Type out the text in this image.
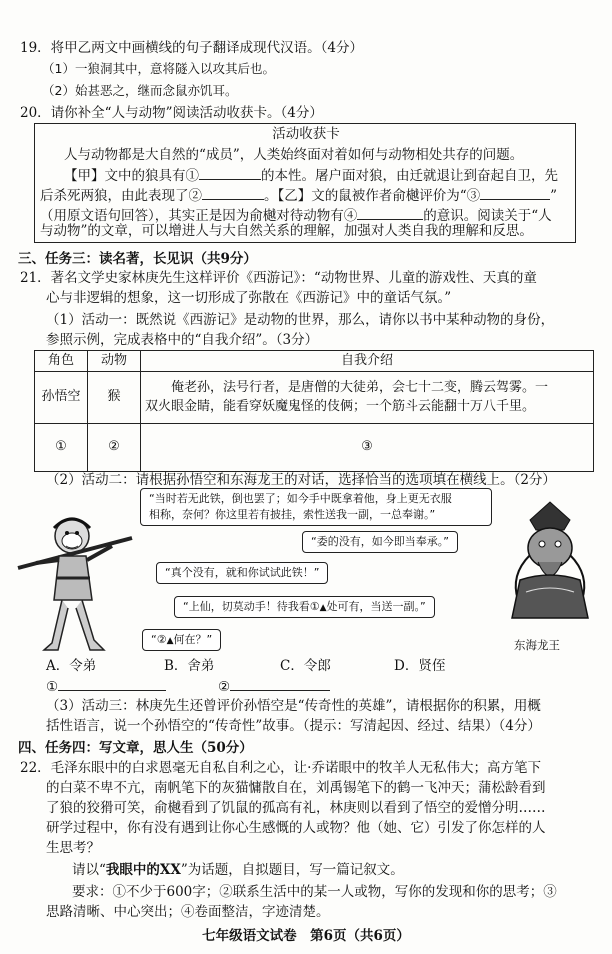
19．将甲乙两文中画横线的句子翻译成现代汉语。（4分）
（1）一狼洞其中，意将隧入以攻其后也。
（2）始甚恶之，继而念鼠亦饥耳。
20．请你补全“人与动物”阅读活动收获卡。（4分）
活动收获卡
人与动物都是大自然的“成员”，人类始终面对着如何与动物相处共存的问题。
【甲】文中的狼具有①	的本性。屠户面对狼，由迁就退让到奋起自卫，先
后杀死两狼，由此表现了②	。【乙】文的鼠被作者俞樾评价为“③	”
（用原文语句回答），其实正是因为俞樾对待动物有④	的意识。阅读关于“人
与动物”的文章，可以增进人与大自然关系的理解，加强对人类自我的理解和反思。
三、任务三：读名著，长见识（共9分）
21．著名文学史家林庚先生这样评价《西游记》：“动物世界、儿童的游戏性、天真的童
心与非逻辑的想象，这一切形成了弥散在《西游记》中的童话气氛。”
（1）活动一：既然说《西游记》是动物的世界，那么，请你以书中某种动物的身份，
参照示例，完成表格中的“自我介绍”。（3分）
角色	动物	自我介绍
孙悟空	猴	俺老孙，法号行者，是唐僧的大徒弟，会七十二变，腾云驾雾。一
双火眼金睛，能看穿妖魔鬼怪的伎俩；一个筋斗云能翻十万八千里。

①	②	③
（2）活动二：请根据孙悟空和东海龙王的对话，选择恰当的选项填在横线上。（2分）
东海龙王
“当时若无此铁，倒也罢了；如今手中既拿着他，身上更无衣服
相称，奈何？你这里若有披挂，索性送我一副，一总奉谢。”
“委的没有，如今即当奉承。”
“真个没有，就和你试试此铁！”
“上仙，切莫动手！待我看①▲处可有，当送一副。”
“②▲何在？”
A．令弟	B．舍弟	C．令郎	D．贤侄
①	②
（3）活动三：林庚先生还曾评价孙悟空是“传奇性的英雄”，请根据你的积累，用概
括性语言，说一个孙悟空的“传奇性”故事。（提示：写清起因、经过、结果）（4分）
四、任务四：写文章，思人生（50分）
22．毛泽东眼中的白求恩毫无自私自利之心，让·乔诺眼中的牧羊人无私伟大；高方笔下
的白菜不卑不亢，南帆笔下的灰猫慵散自在，刘禹锡笔下的鹤一飞冲天；蒲松龄看到
了狼的狡猾可笑，俞樾看到了饥鼠的孤高有礼，林庚则以看到了悟空的爱憎分明……
研学过程中，你有没有遇到让你心生感慨的人或物？他（她、它）引发了你怎样的人
生思考？
请以“我眼中的XX”为话题，自拟题目，写一篇记叙文。
要求：①不少于600字；②联系生活中的某一人或物，写你的发现和你的思考；③
思路清晰、中心突出；④卷面整洁，字迹清楚。
七年级语文试卷　第6页（共6页）
